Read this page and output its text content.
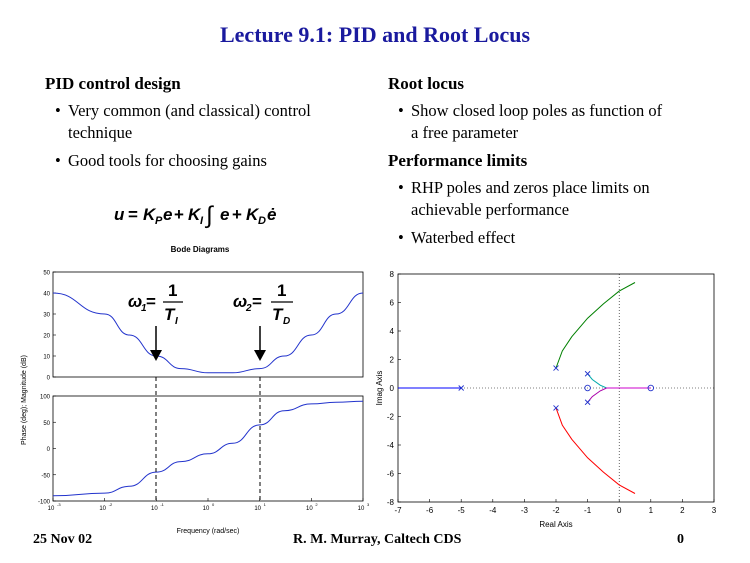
Lecture 9.1: PID and Root Locus
PID control design
• Very common (and classical) control
technique
• Good tools for choosing gains
u = K P e + K I ∫ e + K D ė
Root locus
• Show closed loop poles as function of
a free parameter
Performance limits
• RHP poles and zeros place limits on
achievable performance
• Waterbed effect
Bode Diagrams
Phase (deg); Magnitude (dB)
Frequency (rad/sec)
50
40
30
20
10
0
100
50
0
-50
-100
10
-3
10
-2
10
-1
10
0
10
1
10
2
10
3
ω
1 =
1
T I
ω
2 =
1
T D
-7	-6	-5	-4	-3	-2	-1	0	1	2	3
8
6
4
2
0
-2
-4
-6
-8
Imag Axis
Real Axis
25 Nov 02	R. M. Murray, Caltech CDS	0
